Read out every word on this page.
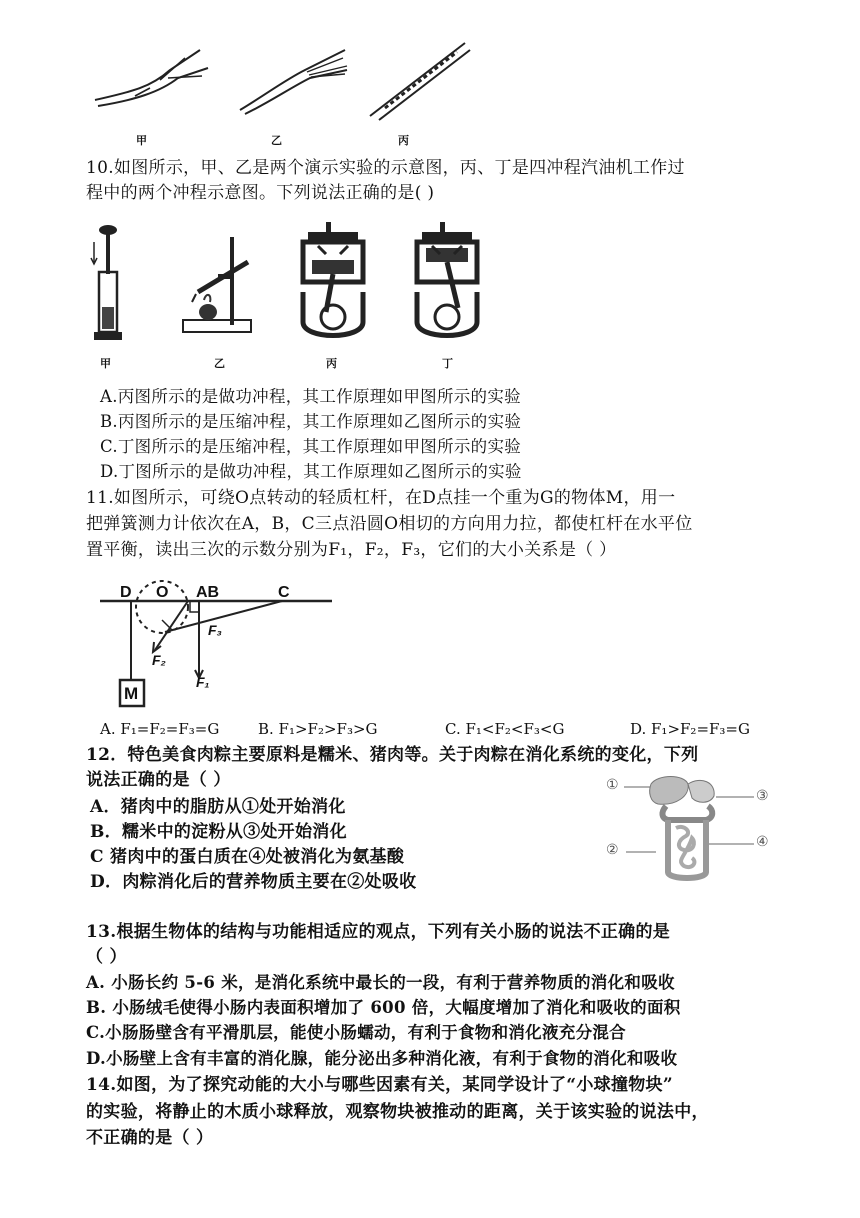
甲	乙	丙
10.如图所示，甲、乙是两个演示实验的示意图，丙、丁是四冲程汽油机工作过
程中的两个冲程示意图。下列说法正确的是( )
甲	乙	丙	丁
A.丙图所示的是做功冲程，其工作原理如甲图所示的实验
B.丙图所示的是压缩冲程，其工作原理如乙图所示的实验
C.丁图所示的是压缩冲程，其工作原理如甲图所示的实验
D.丁图所示的是做功冲程，其工作原理如乙图所示的实验
11.如图所示，可绕O点转动的轻质杠杆，在D点挂一个重为G的物体M，用一
把弹簧测力计依次在A，B，C三点沿圆O相切的方向用力拉，都使杠杆在水平位
置平衡，读出三次的示数分别为F₁，F₂，F₃，它们的大小关系是（ ）
D O AB	C
F₃
F₂
F₁
M
A. F₁=F₂=F₃=G	B. F₁>F₂>F₃>G	C. F₁<F₂<F₃<G	D. F₁>F₂=F₃=G
12．特色美食肉粽主要原料是糯米、猪肉等。关于肉粽在消化系统的变化，下列
说法正确的是（ ）
A．猪肉中的脂肪从①处开始消化
B．糯米中的淀粉从③处开始消化
C 猪肉中的蛋白质在④处被消化为氨基酸
D．肉粽消化后的营养物质主要在②处吸收
①
②
③
④
13.根据生物体的结构与功能相适应的观点，下列有关小肠的说法不正确的是
（ ）
A. 小肠长约 5-6 米，是消化系统中最长的一段，有利于营养物质的消化和吸收
B. 小肠绒毛使得小肠内表面积增加了 600 倍，大幅度增加了消化和吸收的面积
C.小肠肠壁含有平滑肌层，能使小肠蠕动，有利于食物和消化液充分混合
D.小肠壁上含有丰富的消化腺，能分泌出多种消化液，有利于食物的消化和吸收
14.如图，为了探究动能的大小与哪些因素有关，某同学设计了“小球撞物块”
的实验，将静止的木质小球释放，观察物块被推动的距离，关于该实验的说法中，
不正确的是（ ）
